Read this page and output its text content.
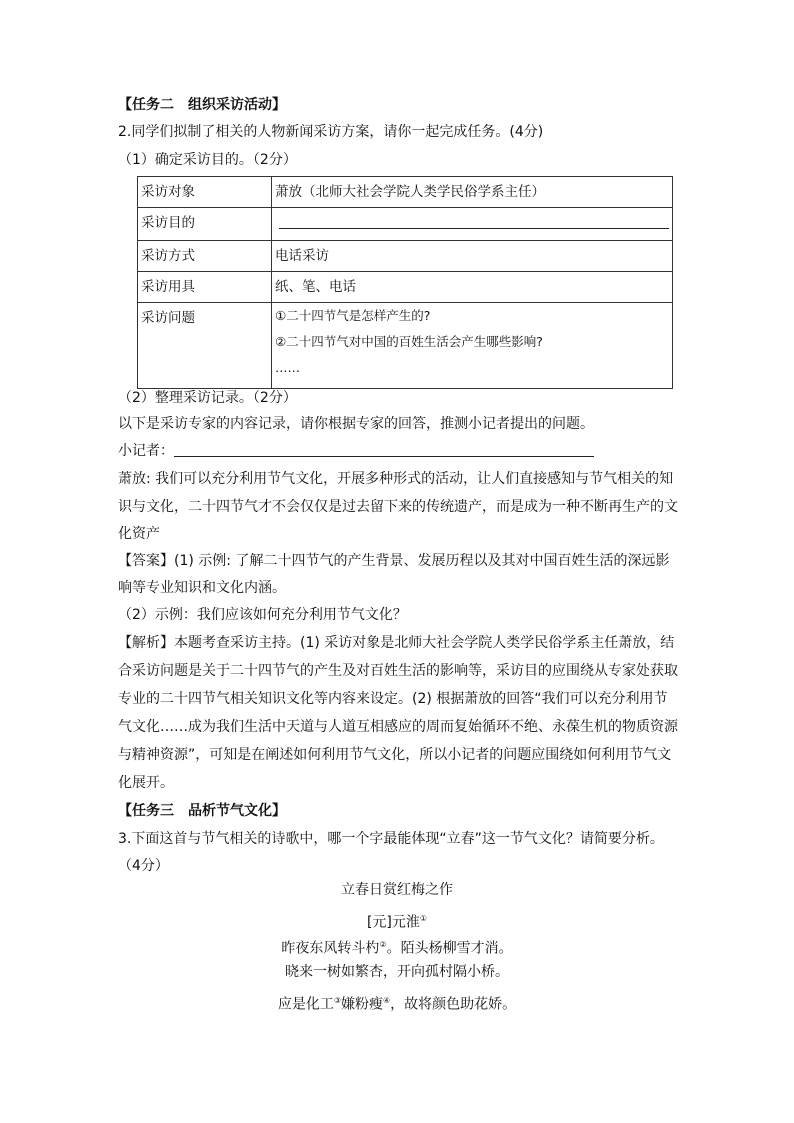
【任务二　组织采访活动】
2.同学们拟制了相关的人物新闻采访方案，请你一起完成任务。(4分)
（1）确定采访目的。（2分）
采访对象	萧放（北师大社会学院人类学民俗学系主任）
采访目的	
采访方式	电话采访
采访用具	纸、笔、电话
采访问题	①二十四节气是怎样产生的?
②二十四节气对中国的百姓生活会产生哪些影响?
……
（2）整理采访记录。（2分）
以下是采访专家的内容记录，请你根据专家的回答，推测小记者提出的问题。
小记者：
萧放: 我们可以充分利用节气文化，开展多种形式的活动，让人们直接感知与节气相关的知
识与文化，二十四节气才不会仅仅是过去留下来的传统遗产，而是成为一种不断再生产的文
化资产
【答案】(1) 示例: 了解二十四节气的产生背景、发展历程以及其对中国百姓生活的深远影
响等专业知识和文化内涵。
（2）示例：我们应该如何充分利用节气文化？
【解析】本题考查采访主持。(1) 采访对象是北师大社会学院人类学民俗学系主任萧放，结
合采访问题是关于二十四节气的产生及对百姓生活的影响等，采访目的应围绕从专家处获取
专业的二十四节气相关知识文化等内容来设定。(2) 根据萧放的回答“我们可以充分利用节
气文化……成为我们生活中天道与人道互相感应的周而复始循环不绝、永葆生机的物质资源
与精神资源”，可知是在阐述如何利用节气文化，所以小记者的问题应围绕如何利用节气文
化展开。
【任务三　品析节气文化】
3.下面这首与节气相关的诗歌中，哪一个字最能体现“立春”这一节气文化？请简要分析。
（4分）
立春日赏红梅之作
[元]元淮①
昨夜东风转斗杓②。陌头杨柳雪才消。
晓来一树如繁杏，开向孤村隔小桥。
应是化工③嫌粉瘦④，故将颜色助花娇。
